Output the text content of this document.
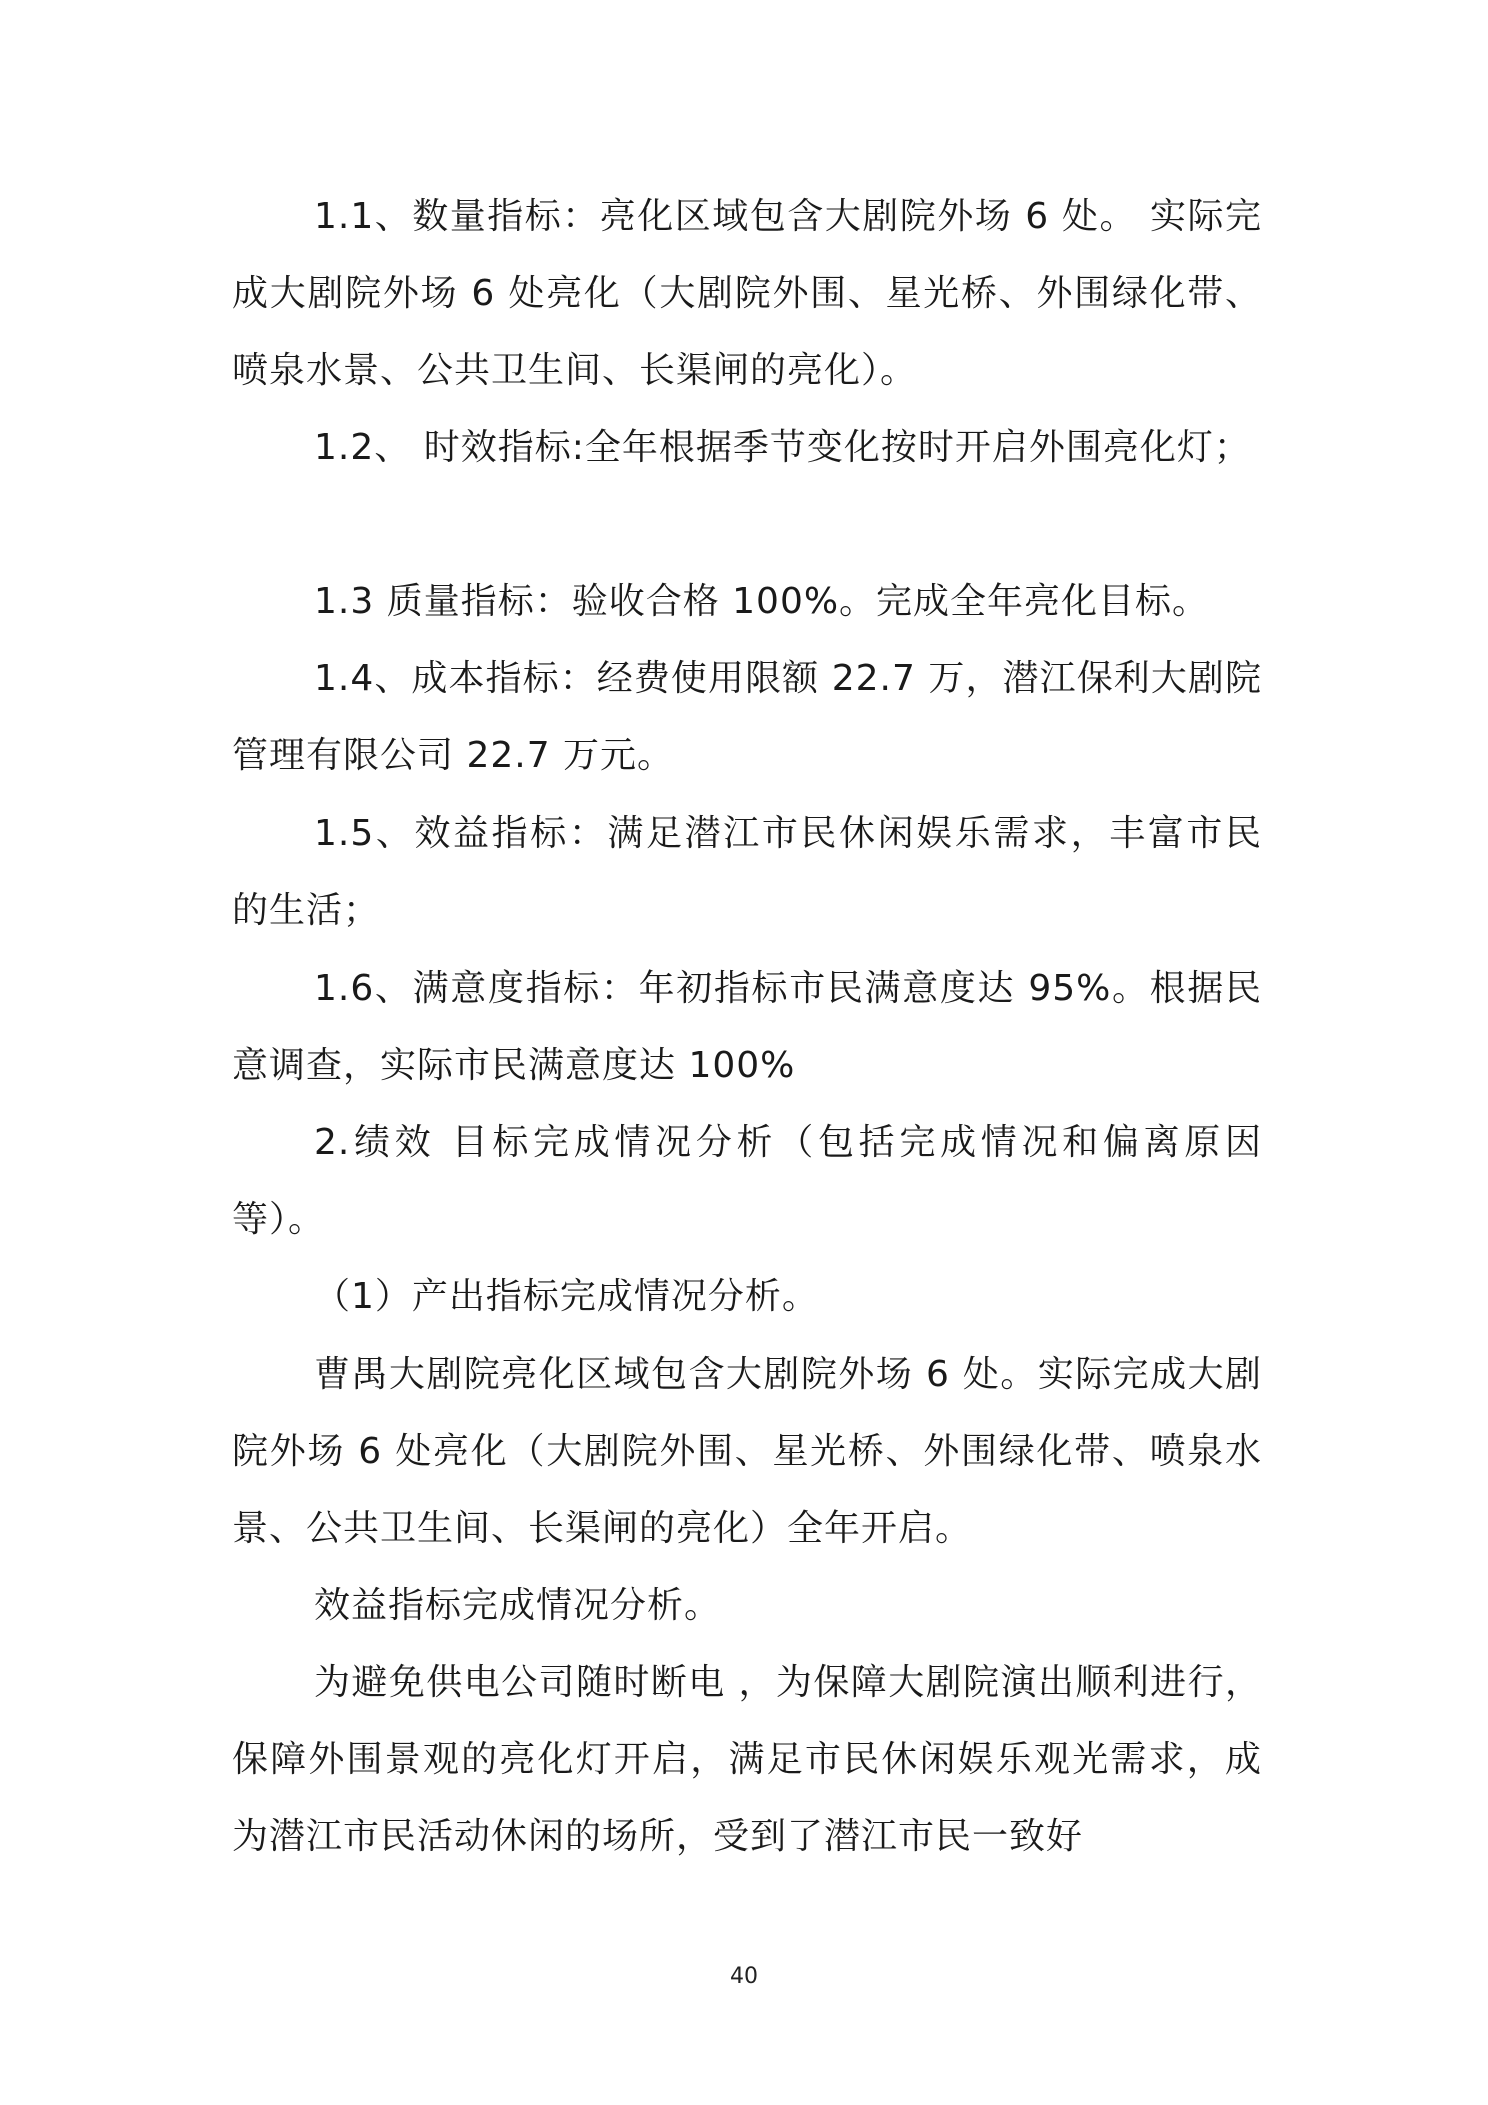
1.1、数量指标：亮化区域包含大剧院外场 6 处。 实际完成大剧院外场 6 处亮化（大剧院外围、星光桥、外围绿化带、喷泉水景、公共卫生间、长渠闸的亮化）。
1.2、 时效指标:全年根据季节变化按时开启外围亮化灯；
1.3 质量指标：验收合格 100%。完成全年亮化目标。
1.4、成本指标：经费使用限额 22.7 万，潜江保利大剧院管理有限公司 22.7 万元。
1.5、效益指标：满足潜江市民休闲娱乐需求，丰富市民的生活；
1.6、满意度指标：年初指标市民满意度达 95%。根据民意调查，实际市民满意度达 100%
2.绩效 目标完成情况分析（包括完成情况和偏离原因等）。
（1）产出指标完成情况分析。
曹禺大剧院亮化区域包含大剧院外场 6 处。实际完成大剧院外场 6 处亮化（大剧院外围、星光桥、外围绿化带、喷泉水景、公共卫生间、长渠闸的亮化）全年开启。
效益指标完成情况分析。
为避免供电公司随时断电 ，为保障大剧院演出顺利进行，保障外围景观的亮化灯开启，满足市民休闲娱乐观光需求，成为潜江市民活动休闲的场所，受到了潜江市民一致好
40
